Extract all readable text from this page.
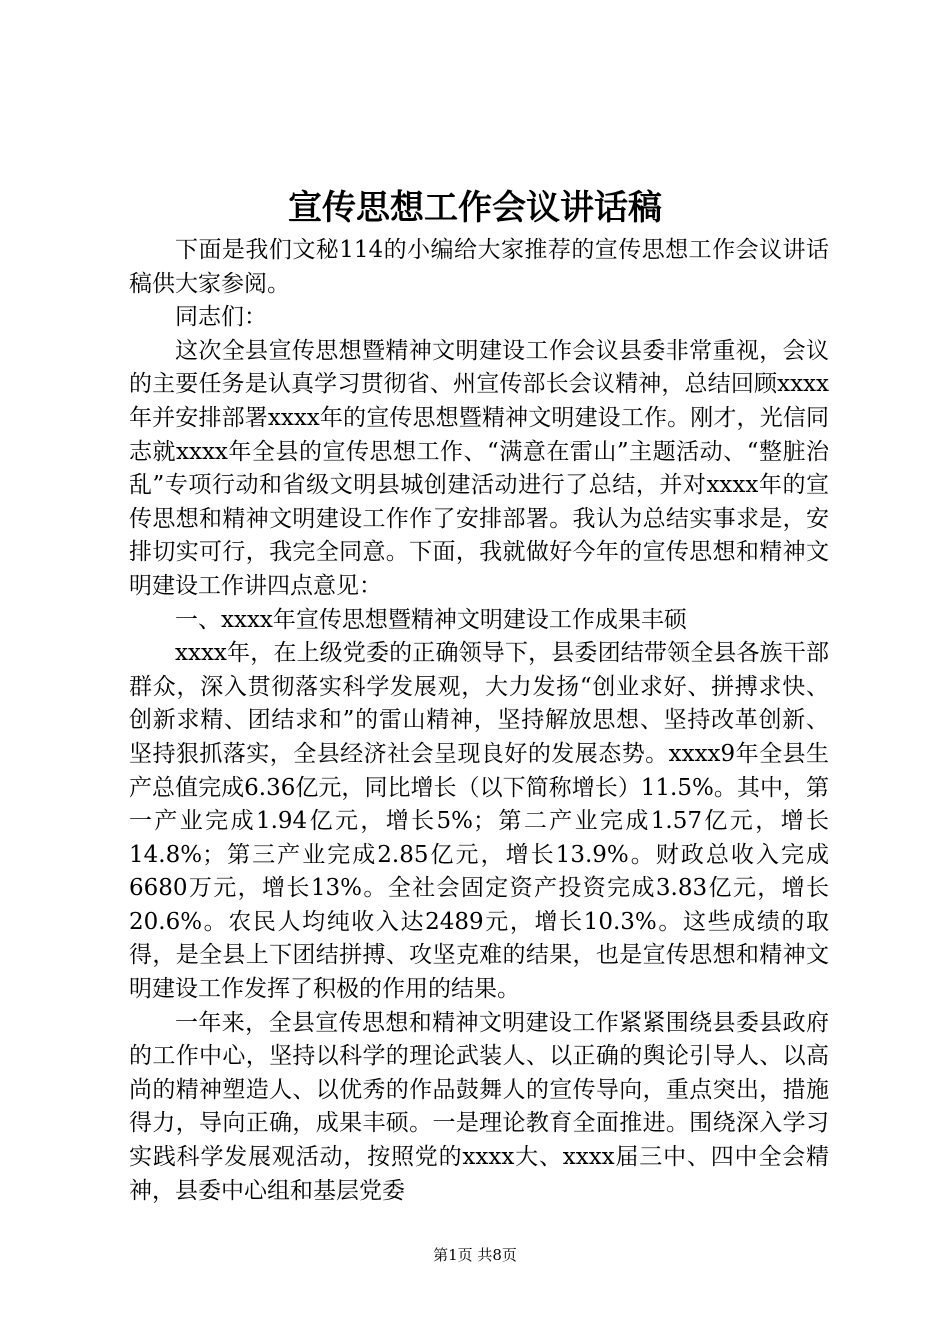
宣传思想工作会议讲话稿

下面是我们文秘114的小编给大家推荐的宣传思想工作会议讲话稿供大家参阅。

同志们：

这次全县宣传思想暨精神文明建设工作会议县委非常重视，会议的主要任务是认真学习贯彻省、州宣传部长会议精神，总结回顾xxxx年并安排部署xxxx年的宣传思想暨精神文明建设工作。刚才，光信同志就xxxx年全县的宣传思想工作、“满意在雷山”主题活动、“整脏治乱”专项行动和省级文明县城创建活动进行了总结，并对xxxx年的宣传思想和精神文明建设工作作了安排部署。我认为总结实事求是，安排切实可行，我完全同意。下面，我就做好今年的宣传思想和精神文明建设工作讲四点意见：

一、xxxx年宣传思想暨精神文明建设工作成果丰硕

xxxx年，在上级党委的正确领导下，县委团结带领全县各族干部群众，深入贯彻落实科学发展观，大力发扬“创业求好、拼搏求快、创新求精、团结求和”的雷山精神，坚持解放思想、坚持改革创新、坚持狠抓落实，全县经济社会呈现良好的发展态势。xxxx9年全县生产总值完成6.36亿元，同比增长（以下简称增长）11.5%。其中，第一产业完成1.94亿元，增长5%；第二产业完成1.57亿元，增长14.8%；第三产业完成2.85亿元，增长13.9%。财政总收入完成6680万元，增长13%。全社会固定资产投资完成3.83亿元，增长20.6%。农民人均纯收入达2489元，增长10.3%。这些成绩的取得，是全县上下团结拼搏、攻坚克难的结果，也是宣传思想和精神文明建设工作发挥了积极的作用的结果。

一年来，全县宣传思想和精神文明建设工作紧紧围绕县委县政府的工作中心，坚持以科学的理论武装人、以正确的舆论引导人、以高尚的精神塑造人、以优秀的作品鼓舞人的宣传导向，重点突出，措施得力，导向正确，成果丰硕。一是理论教育全面推进。围绕深入学习实践科学发展观活动，按照党的xxxx大、xxxx届三中、四中全会精神，县委中心组和基层党委

第1页 共8页
